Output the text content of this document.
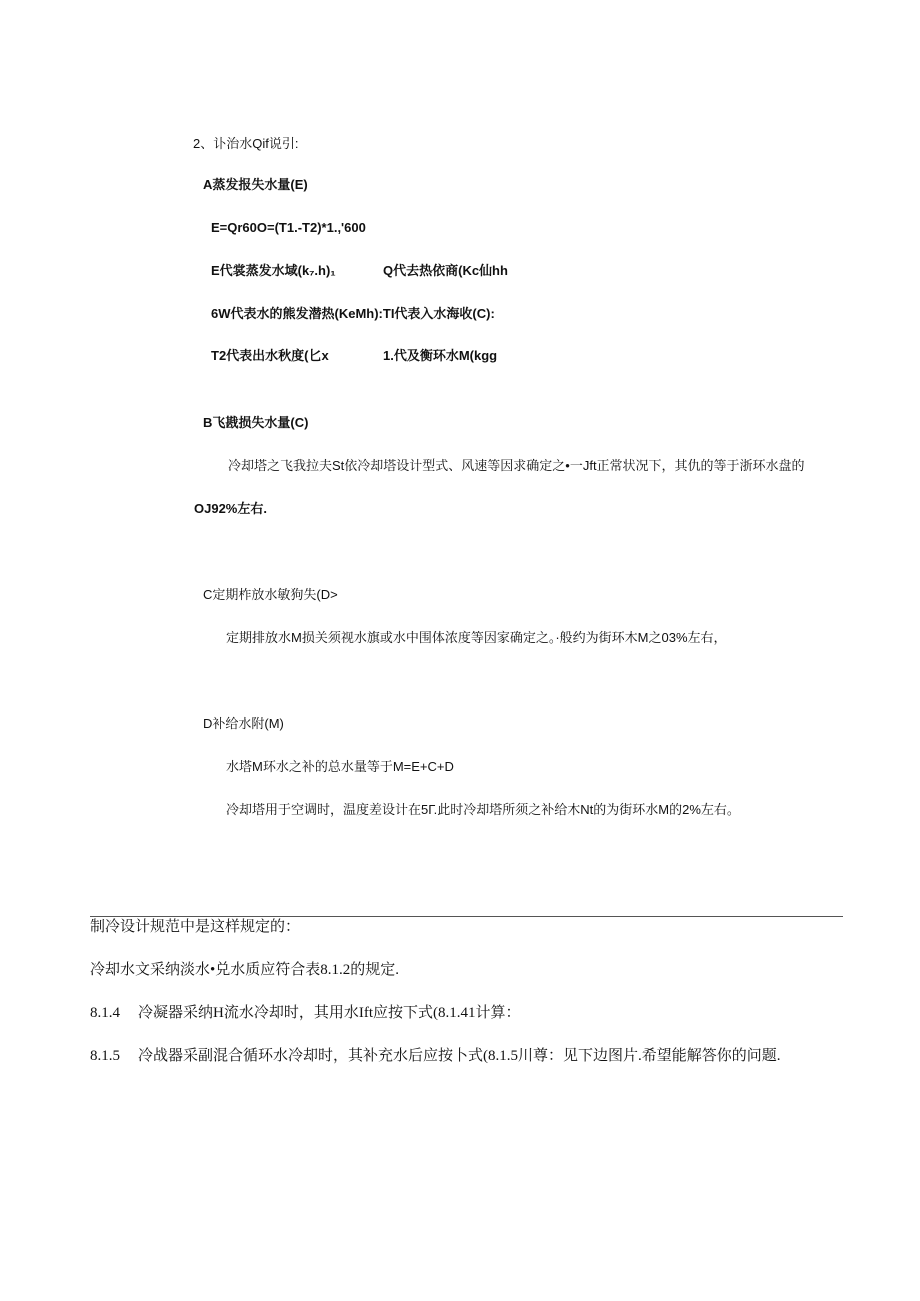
2、讣治水Qif说引:
A蒸发报失水量(E)
E=Qr60O=(T1.-T2)*1.,'600
E代裳蒸发水域(k₇.h)₁	Q代去热依商(Kc仙hh
6W代表水的熊发潜热(KeMh):TI代表入水海收(C):
T2代表出水秋度(匕x	1.代及衡环水M(kgg
B飞戡损失水量(C)
冷却塔之飞我拉夫St依冷却塔设计型式、风速等因求确定之•一Jft正常状况下，其仇的等于浙环水盘的
OJ92%左右.
C定期柞放水敏狗失(D>
定期排放水M损关须视水旗或水中围体浓度等因家确定之。·般约为街环木M之03%左右，
D补给水附(M)
水塔M环水之补的总水量等于M=E+C+D
冷却塔用于空调时，温度差设计在5Г.此时冷却塔所须之补给木Nt的为街环水M的2%左右。
制冷设计规范中是这样规定的：
冷却水文采纳淡水•兑水质应符合表8.1.2的规定.
8.1.4 冷凝器采纳H流水冷却时，其用水Ift应按下式(8.1.41计算：
8.1.5 冷战器采副混合循环水冷却时，其补充水后应按卜式(8.1.5川尊：见下边图片.希望能解答你的问题.
